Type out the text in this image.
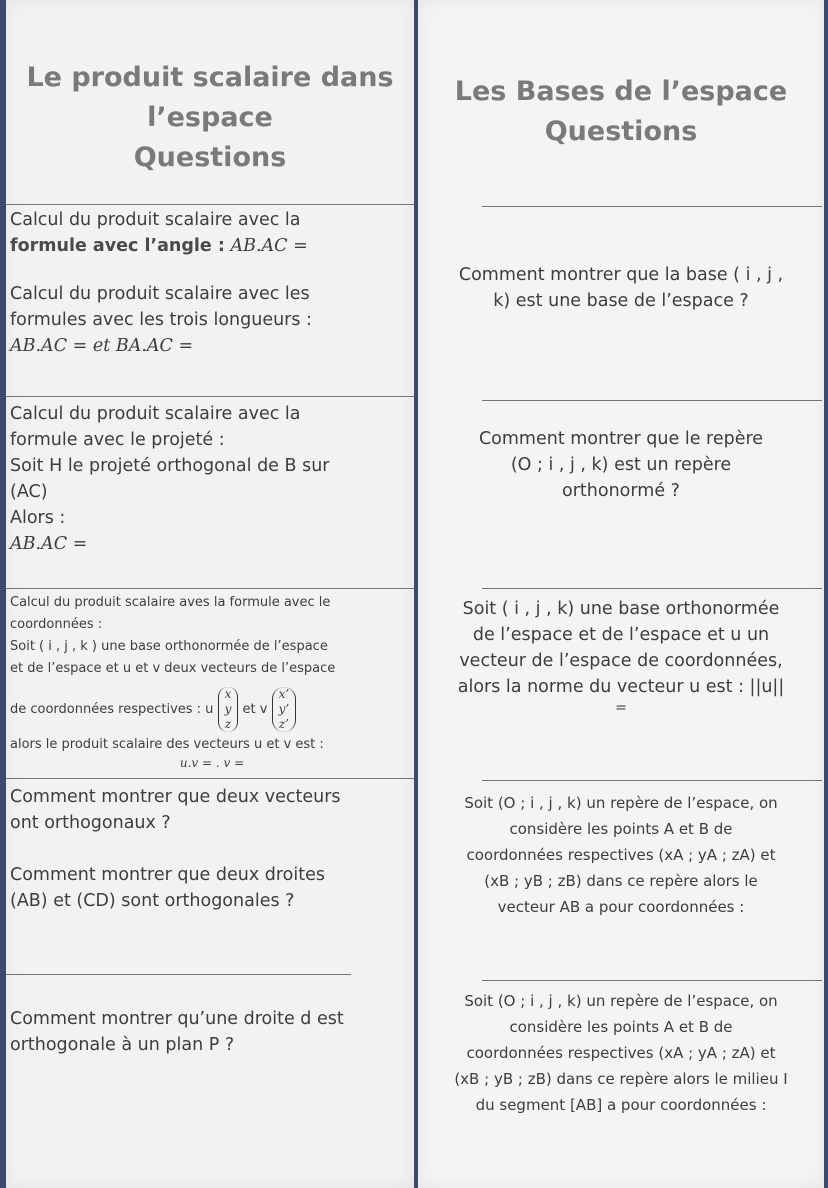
Le produit scalaire dans
l’espace
Questions
Calcul du produit scalaire avec la
formule avec l’angle : AB.AC =
Calcul du produit scalaire avec les
formules avec les trois longueurs :
AB.AC = et BA.AC =
Calcul du produit scalaire avec la
formule avec le projeté :
Soit H le projeté orthogonal de B sur
(AC)
Alors :
AB.AC =
Calcul du produit scalaire aves la formule avec le
coordonnées :
Soit ( i , j , k ) une base orthonormée de l’espace
et de l’espace et u et v deux vecteurs de l’espace
de coordonnées respectives : u x
y
z et v x’
y’
z’
alors le produit scalaire des vecteurs u et v est :
u.v = . v =
Comment montrer que deux vecteurs
ont orthogonaux ?
Comment montrer que deux droites
(AB) et (CD) sont orthogonales ?
Comment montrer qu’une droite d est
orthogonale à un plan P ?
Les Bases de l’espace
Questions
Comment montrer que la base ( i , j ,
k) est une base de l’espace ?
Comment montrer que le repère
(O ; i , j , k) est un repère
orthonormé ?
Soit ( i , j , k) une base orthonormée
de l’espace et de l’espace et u un
vecteur de l’espace de coordonnées,
alors la norme du vecteur u est : ||u||
=
Soit (O ; i , j , k) un repère de l’espace, on
considère les points A et B de
coordonnées respectives (xA ; yA ; zA) et
(xB ; yB ; zB) dans ce repère alors le
vecteur AB a pour coordonnées :
Soit (O ; i , j , k) un repère de l’espace, on
considère les points A et B de
coordonnées respectives (xA ; yA ; zA) et
(xB ; yB ; zB) dans ce repère alors le milieu I
du segment [AB] a pour coordonnées :
